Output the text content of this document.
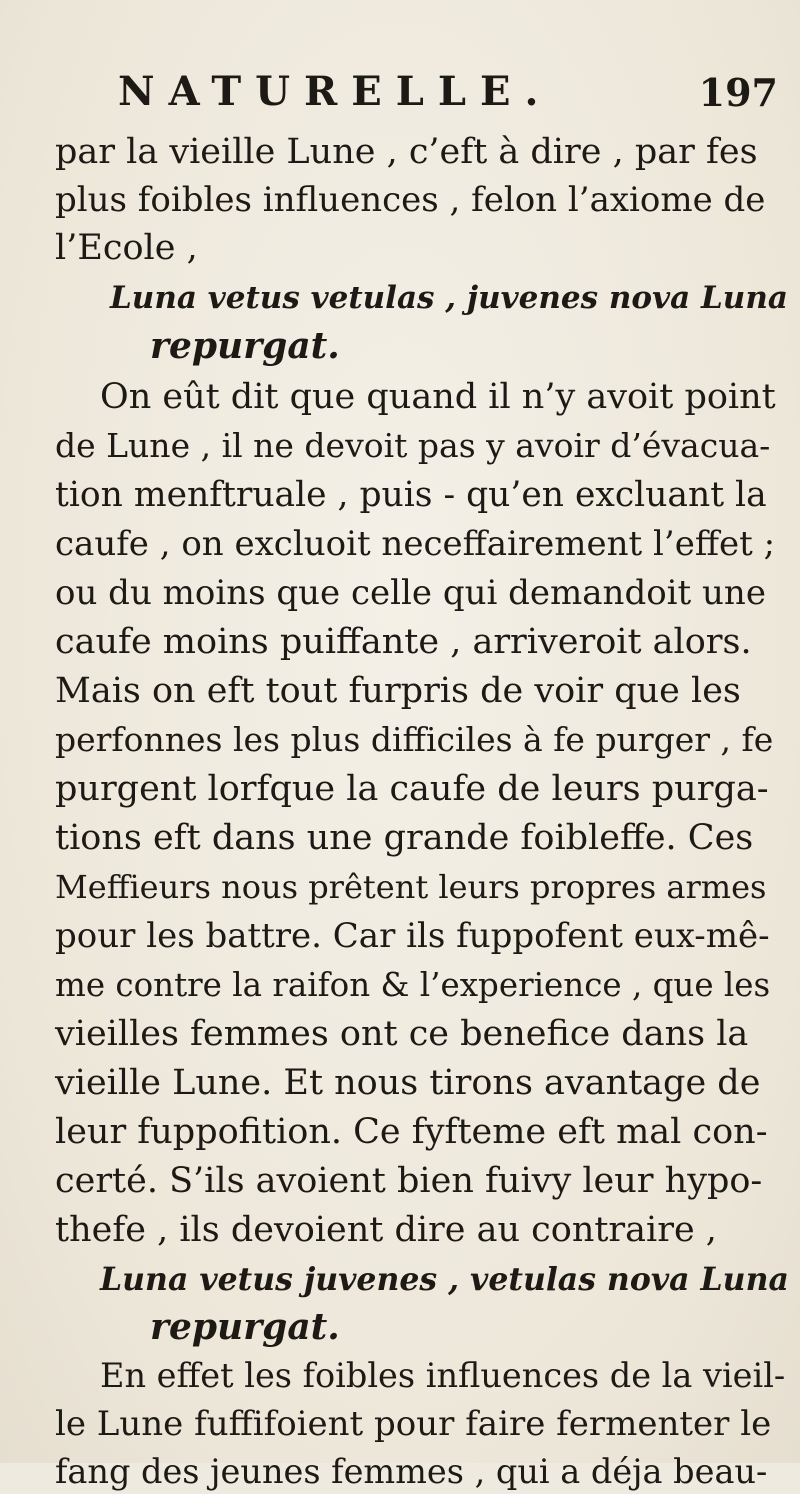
NATURELLE.	197
par la vieille Lune , c’eft à dire , par fes
plus foibles influences , felon l’axiome de
l’Ecole ,
Luna vetus vetulas , juvenes nova Luna
repurgat.
On eût dit que quand il n’y avoit point
de Lune , il ne devoit pas y avoir d’évacua-
tion menftruale , puis - qu’en excluant la
caufe , on excluoit neceffairement l’effet ;
ou du moins que celle qui demandoit une
caufe moins puiffante , arriveroit alors.
Mais on eft tout furpris de voir que les
perfonnes les plus difficiles à fe purger , fe
purgent lorfque la caufe de leurs purga-
tions eft dans une grande foibleffe. Ces
Meffieurs nous prêtent leurs propres armes
pour les battre. Car ils fuppofent eux-mê-
me contre la raifon & l’experience , que les
vieilles femmes ont ce benefice dans la
vieille Lune. Et nous tirons avantage de
leur fuppofition. Ce fyfteme eft mal con-
certé. S’ils avoient bien fuivy leur hypo-
thefe , ils devoient dire au contraire ,
Luna vetus juvenes , vetulas nova Luna
repurgat.
En effet les foibles influences de la vieil-
le Lune fuffifoient pour faire fermenter le
fang des jeunes femmes , qui a déja beau-
